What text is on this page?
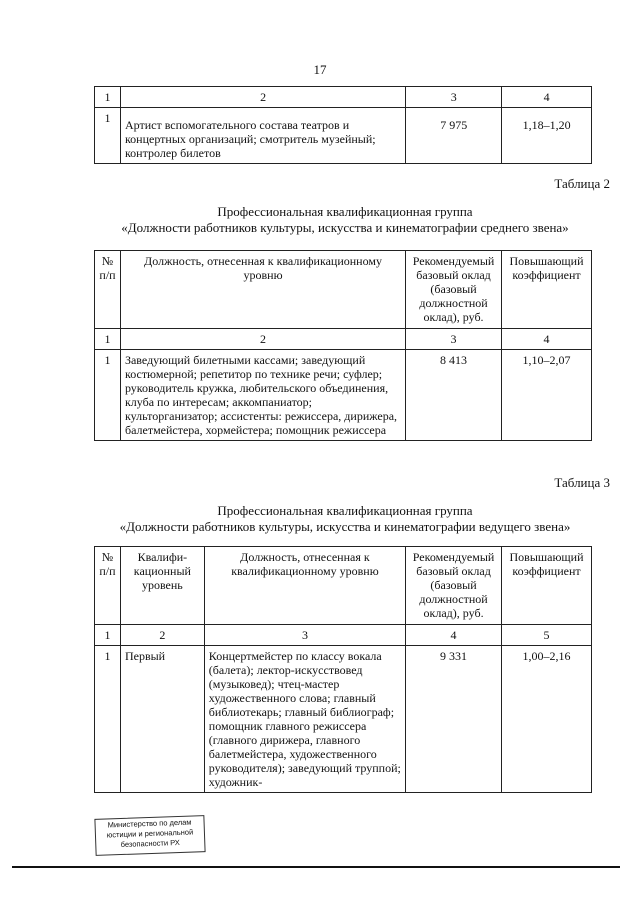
17
1	2	3	4
1	Артист вспомогательного состава театров и концертных организаций; смотритель музейный; контролер билетов	7 975	1,18–1,20
Таблица 2
Профессиональная квалификационная группа
«Должности работников культуры, искусства и кинематографии среднего звена»
№ п/п	Должность, отнесенная к квалификационному уровню	Рекомендуемый базовый оклад (базовый должностной оклад), руб.	Повышающий коэффициент
1	2	3	4
1	Заведующий билетными кассами; заведующий костюмерной; репетитор по технике речи; суфлер; руководитель кружка, любительского объединения, клуба по интересам; аккомпаниатор; культорганизатор; ассистенты: режиссера, дирижера, балетмейстера, хормейстера; помощник режиссера	8 413	1,10–2,07
Таблица 3
Профессиональная квалификационная группа
«Должности работников культуры, искусства и кинематографии ведущего звена»
№ п/п	Квалифи-кационный уровень	Должность, отнесенная к квалификационному уровню	Рекомендуемый базовый оклад (базовый должностной оклад), руб.	Повышающий коэффициент
1	2	3	4	5
1	Первый	Концертмейстер по классу вокала (балета); лектор-искусствовед (музыковед); чтец-мастер художественного слова; главный библиотекарь; главный библиограф; помощник главного режиссера (главного дирижера, главного балетмейстера, художественного руководителя); заведующий труппой; художник-	9 331	1,00–2,16
Министерство по делам
юстиции и региональной
безопасности РХ
